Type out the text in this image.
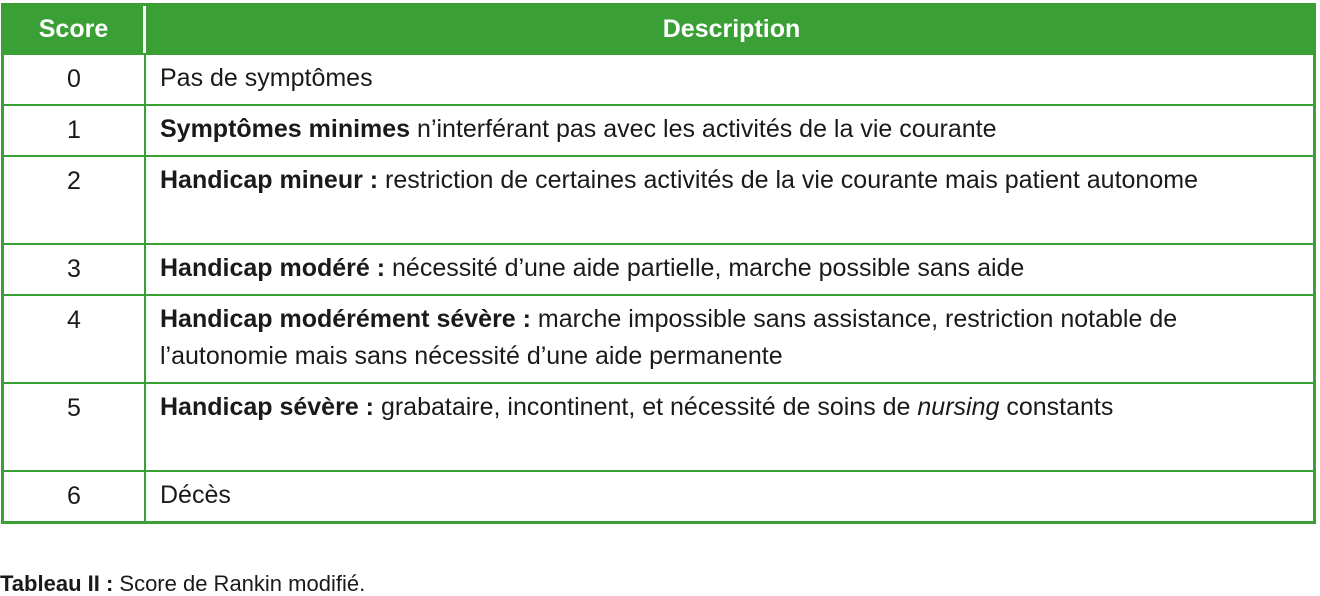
Score	Description
0	Pas de symptômes
1	Symptômes minimes n’interférant pas avec les activités de la vie courante
2	Handicap mineur : restriction de certaines activités de la vie courante mais patient autonome
3	Handicap modéré : nécessité d’une aide partielle, marche possible sans aide
4	Handicap modérément sévère : marche impossible sans assistance, restriction notable de l’autonomie mais sans nécessité d’une aide permanente
5	Handicap sévère : grabataire, incontinent, et nécessité de soins de nursing constants
6	Décès
Tableau II : Score de Rankin modifié.
